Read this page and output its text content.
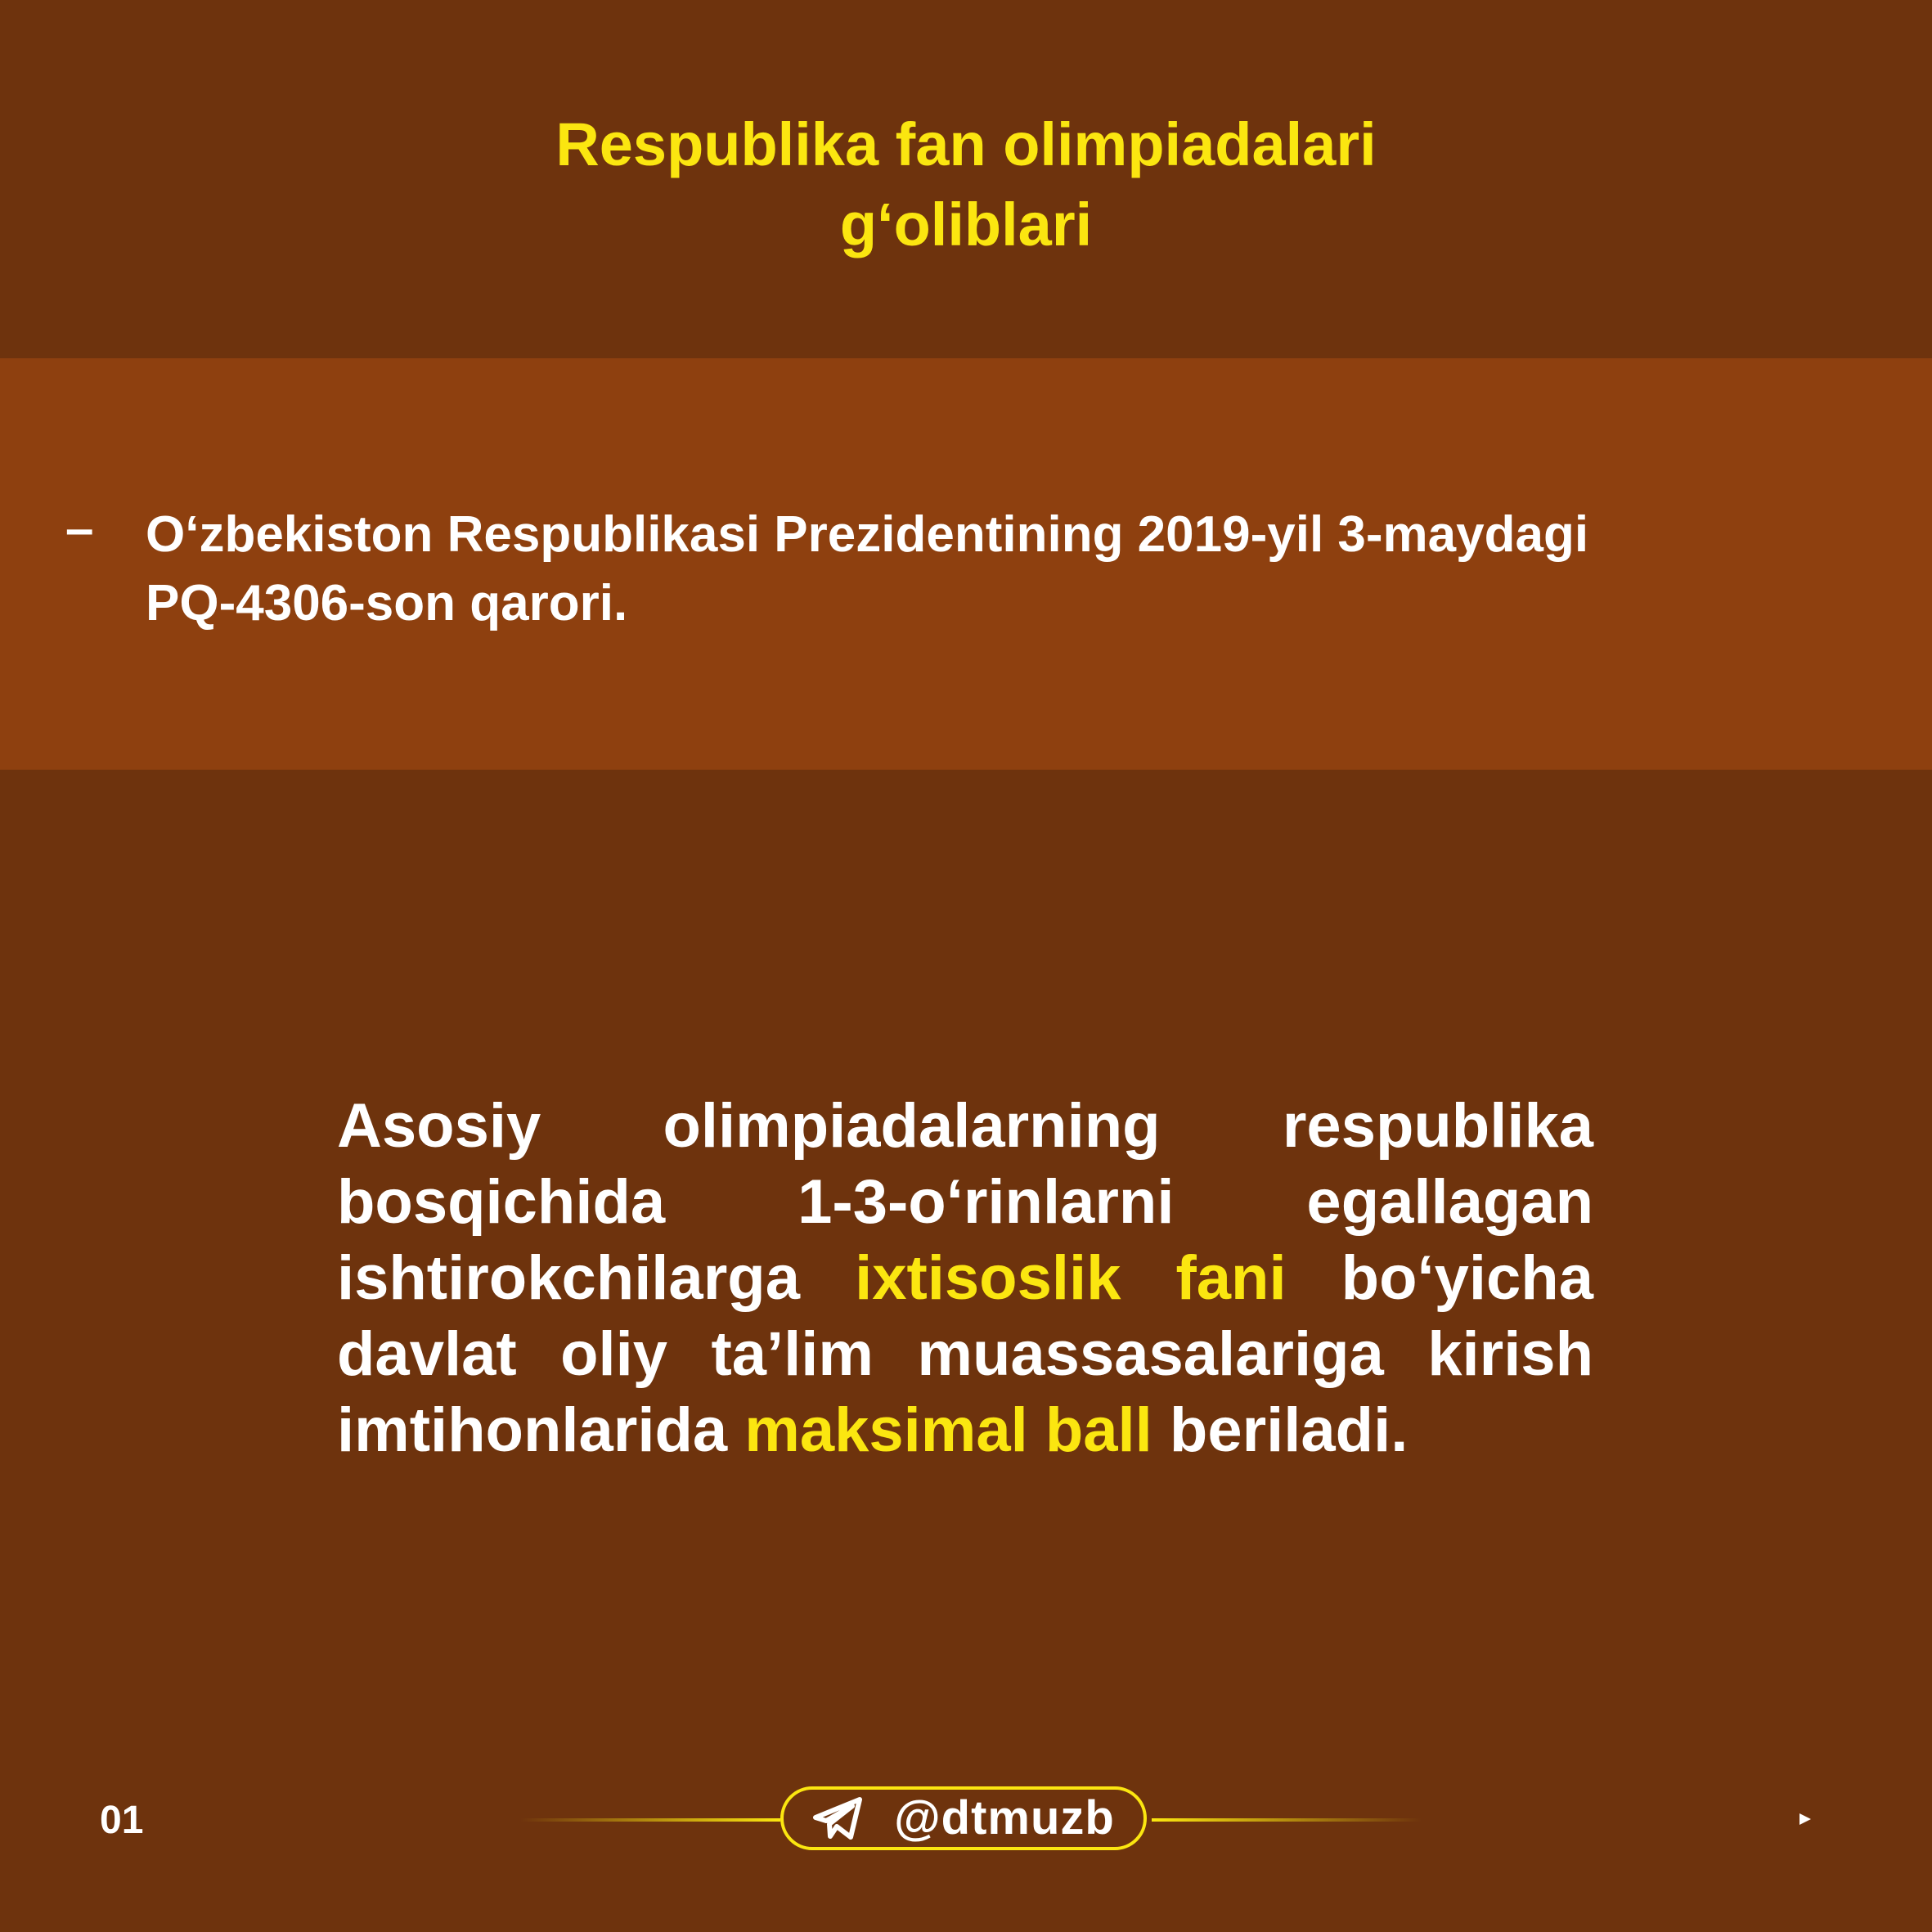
Respublika fan olimpiadalari
g‘oliblari
– O‘zbekiston Respublikasi Prezidentining 2019-yil 3-maydagi
PQ-4306-son qarori.

Asosiy olimpiadalarning respublika bosqichida 1-3-o‘rinlarni egallagan ishtirokchilarga ixtisoslik fani bo‘yicha davlat oliy ta’lim muassasalariga kirish imtihonlarida maksimal ball beriladi.

01	@dtmuzb
